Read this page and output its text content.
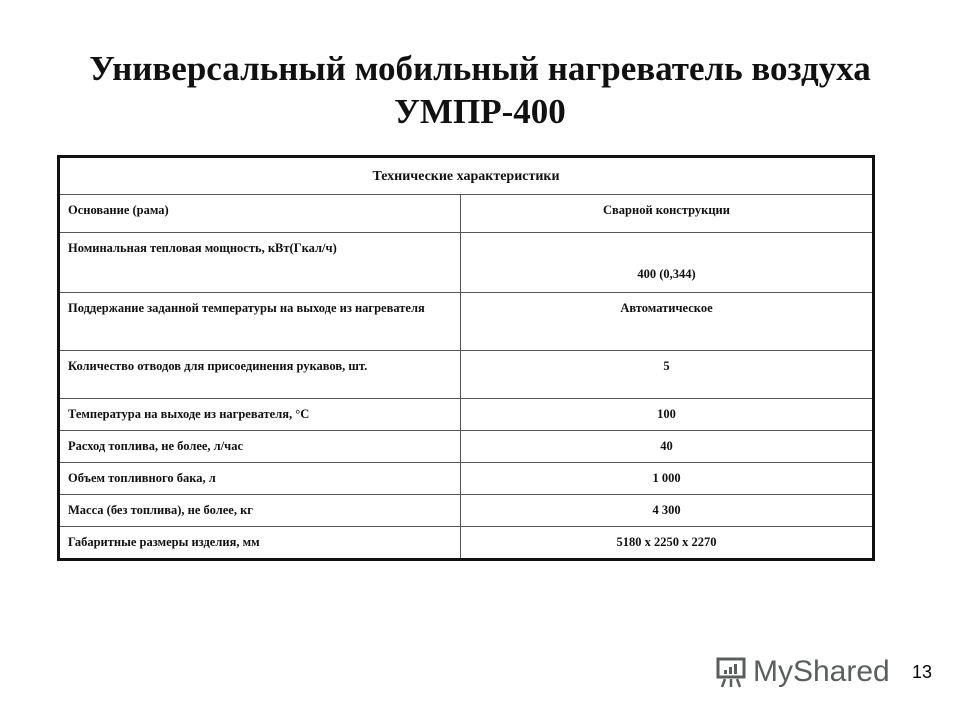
Универсальный мобильный нагреватель воздуха
УМПР-400
Технические характеристики	
Основание (рама)	Сварной конструкции
Номинальная тепловая мощность, кВт(Гкал/ч)	400 (0,344)
Поддержание заданной температуры на выходе из нагревателя	Автоматическое
Количество отводов для присоединения рукавов, шт.	5
Температура на выходе из нагревателя, °С	100
Расход топлива, не более, л/час	40
Объем топливного бака, л	1 000
Масса (без топлива), не более, кг	4 300
Габаритные размеры изделия, мм	5180 x 2250 x 2270
MyShared 13
